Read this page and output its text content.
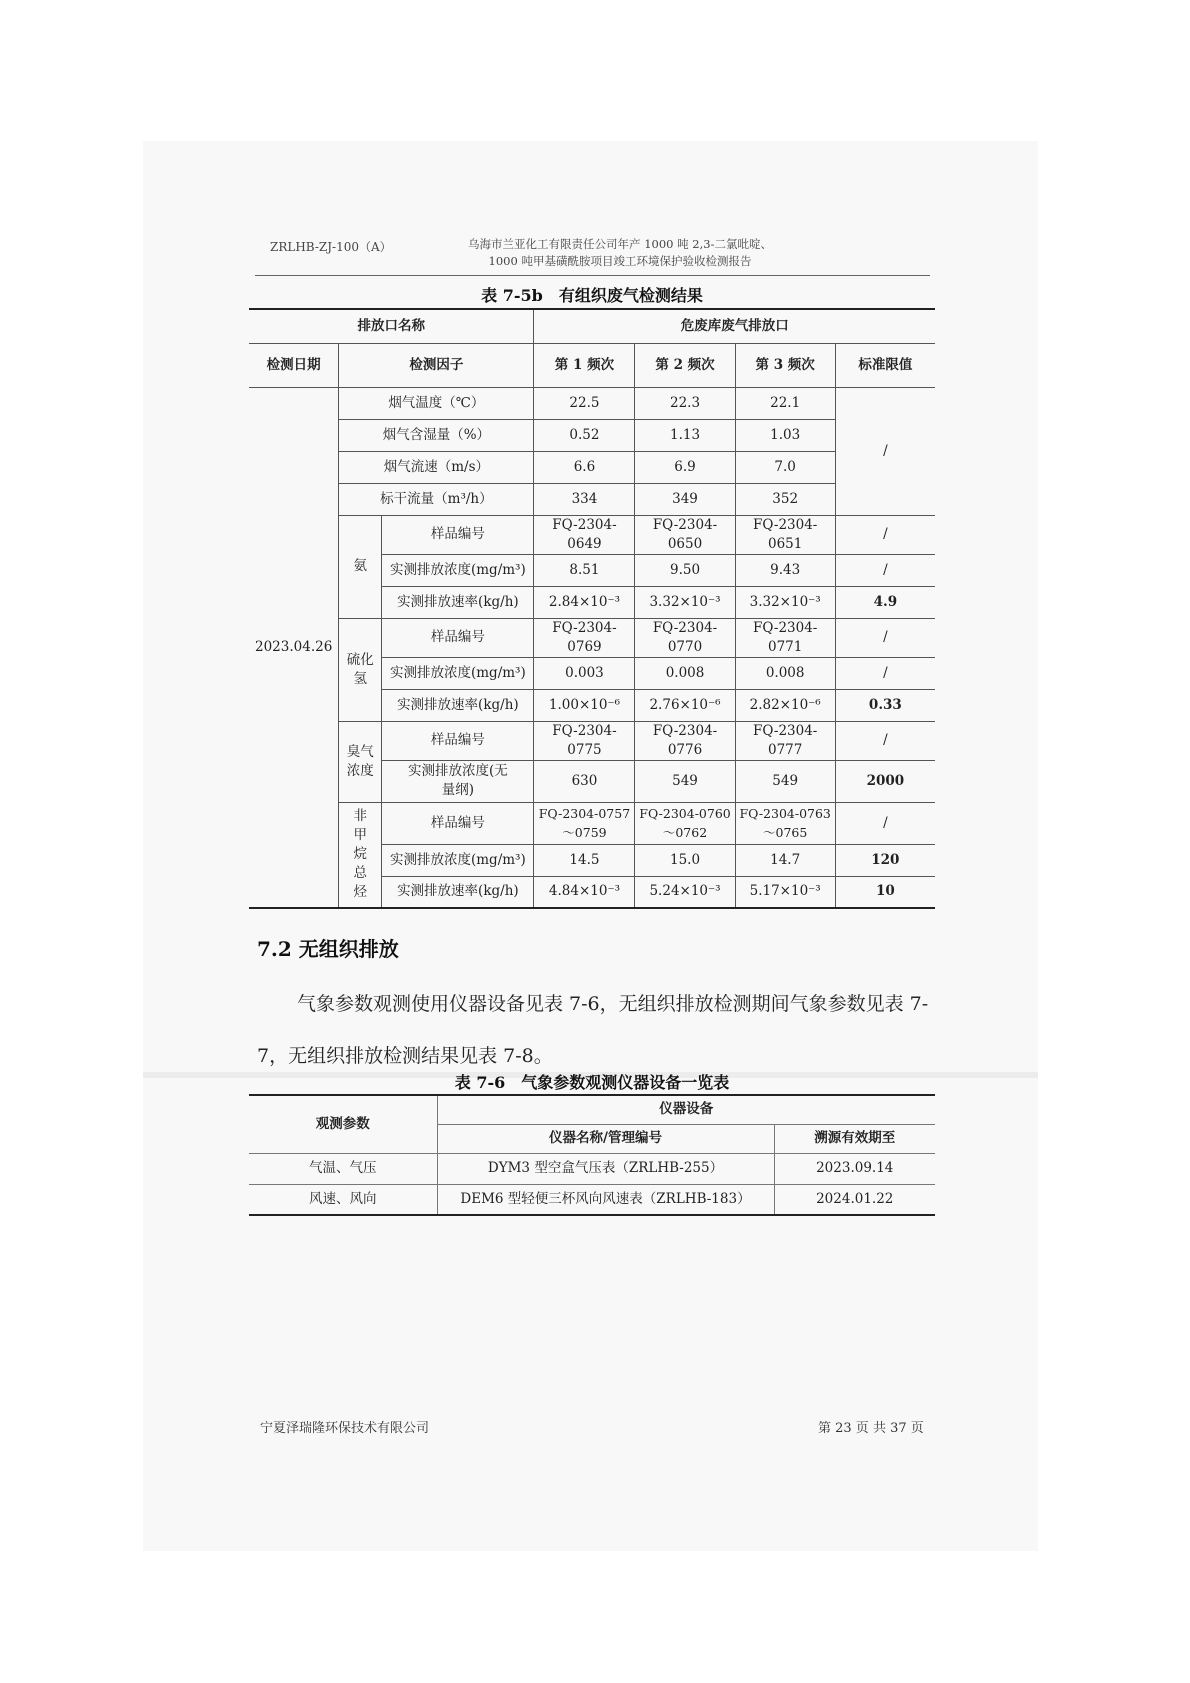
ZRLHB-ZJ-100（A）	乌海市兰亚化工有限责任公司年产 1000 吨 2,3-二氯吡啶、
1000 吨甲基磺酰胺项目竣工环境保护验收检测报告
表 7-5b　有组织废气检测结果
排放口名称			危废库废气排放口			
检测日期	检测因子		第 1 频次	第 2 频次	第 3 频次	标准限值
2023.04.26	烟气温度（℃）		22.5	22.3	22.1	/
	烟气含湿量（%）		0.52	1.13	1.03	
	烟气流速（m/s）		6.6	6.9	7.0	
	标干流量（m³/h）		334	349	352	
	氨	样品编号	FQ-2304-0649	FQ-2304-0650	FQ-2304-0651	/
		实测排放浓度(mg/m³)	8.51	9.50	9.43	/
		实测排放速率(kg/h)	2.84×10⁻³	3.32×10⁻³	3.32×10⁻³	4.9
	硫化氢	样品编号	FQ-2304-0769	FQ-2304-0770	FQ-2304-0771	/
		实测排放浓度(mg/m³)	0.003	0.008	0.008	/
		实测排放速率(kg/h)	1.00×10⁻⁶	2.76×10⁻⁶	2.82×10⁻⁶	0.33
	臭气浓度	样品编号	FQ-2304-0775	FQ-2304-0776	FQ-2304-0777	/
		实测排放浓度(无量纲)	630	549	549	2000
	非甲烷总烃	样品编号	FQ-2304-0757～0759	FQ-2304-0760～0762	FQ-2304-0763～0765	/
		实测排放浓度(mg/m³)	14.5	15.0	14.7	120
		实测排放速率(kg/h)	4.84×10⁻³	5.24×10⁻³	5.17×10⁻³	10
7.2 无组织排放
气象参数观测使用仪器设备见表 7-6，无组织排放检测期间气象参数见表 7-7，无组织排放检测结果见表 7-8。
表 7-6　气象参数观测仪器设备一览表
观测参数	仪器设备	
	仪器名称/管理编号	溯源有效期至
气温、气压	DYM3 型空盒气压表（ZRLHB-255）	2023.09.14
风速、风向	DEM6 型轻便三杯风向风速表（ZRLHB-183）	2024.01.22
宁夏泽瑞隆环保技术有限公司	第 23 页 共 37 页
